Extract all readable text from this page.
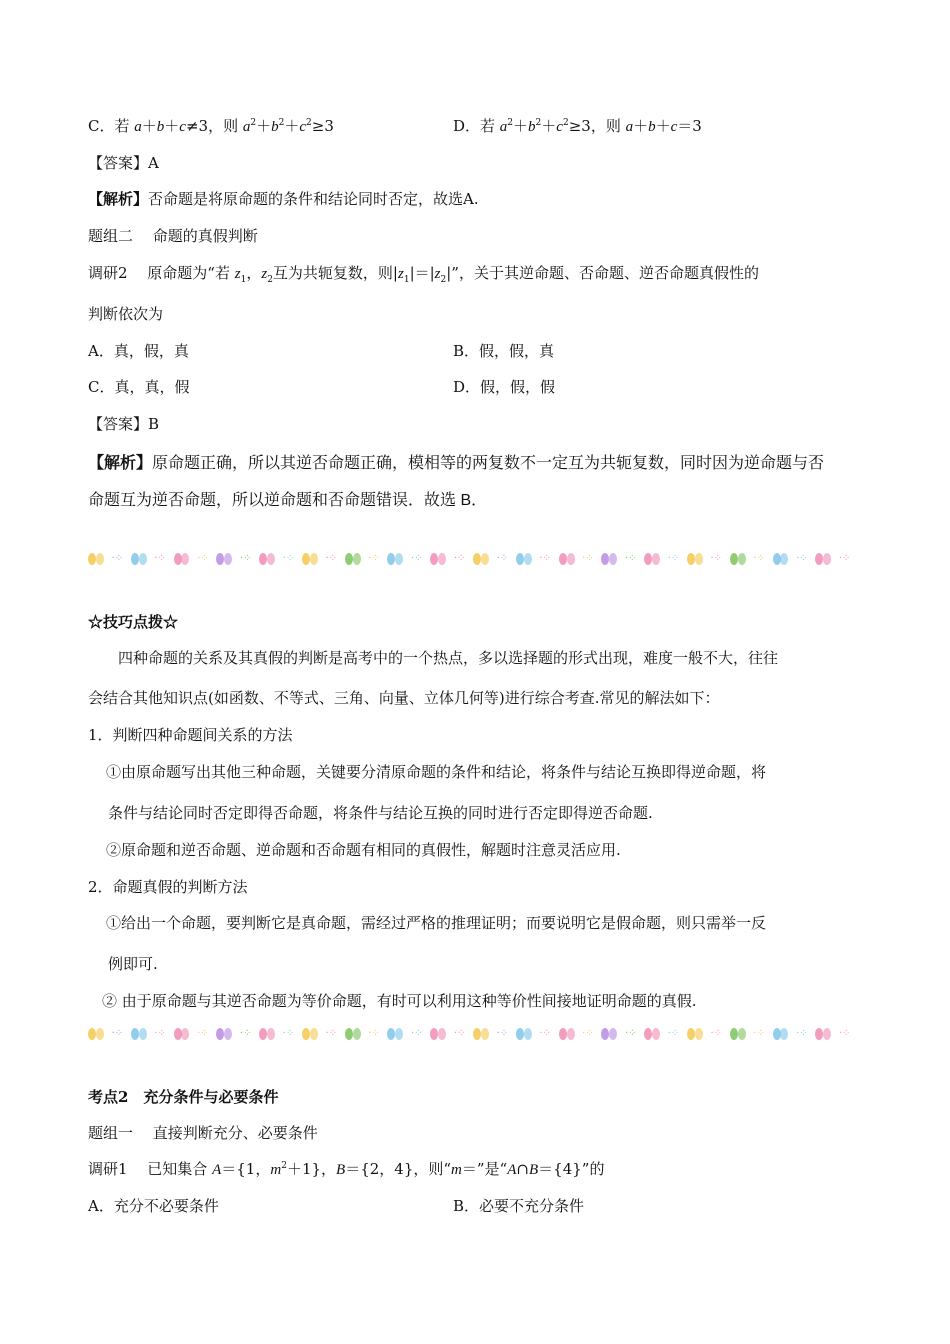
C．若 a＋b＋c≠3，则 $a^2+b^2+c^2\ge 3$	D．若 $a^2+b^2+c^2\ge 3$，则 a＋b＋c＝3
【答案】A
【解析】否命题是将原命题的条件和结论同时否定，故选A.
题组二　 命题的真假判断
调研2　 原命题为“若 $z_1$，$z_2$互为共轭复数，则$|z_1|=|z_2|$”，关于其逆命题、否命题、逆否命题真假性的
判断依次为
A．真，假，真	B．假，假，真
C．真，真，假	D．假，假，假
【答案】B
【解析】原命题正确，所以其逆否命题正确，模相等的两复数不一定互为共轭复数，同时因为逆命题与否
命题互为逆否命题，所以逆命题和否命题错误．故选 B．
·⁘	·⁘	·⁘	·⁘	·⁘	·⁘	·⁘	·⁘	·⁘	·⁘	·⁘	·⁘	·⁘	·⁘	·⁘	·⁘	·⁘	·⁘
☆技巧点拨☆
四种命题的关系及其真假的判断是高考中的一个热点，多以选择题的形式出现，难度一般不大，往往
会结合其他知识点(如函数、不等式、三角、向量、立体几何等)进行综合考查.常见的解法如下：
1．判断四种命题间关系的方法
①由原命题写出其他三种命题，关键要分清原命题的条件和结论，将条件与结论互换即得逆命题，将
条件与结论同时否定即得否命题，将条件与结论互换的同时进行否定即得逆否命题.
②原命题和逆否命题、逆命题和否命题有相同的真假性，解题时注意灵活应用.
2．命题真假的判断方法
①给出一个命题，要判断它是真命题，需经过严格的推理证明；而要说明它是假命题，则只需举一反
例即可.
② 由于原命题与其逆否命题为等价命题，有时可以利用这种等价性间接地证明命题的真假.
·⁘	·⁘	·⁘	·⁘	·⁘	·⁘	·⁘	·⁘	·⁘	·⁘	·⁘	·⁘	·⁘	·⁘	·⁘	·⁘	·⁘	·⁘
考点2　充分条件与必要条件
题组一　 直接判断充分、必要条件
调研1　 已知集合 A＝{1，$m^2+1$}，B＝{2，4}，则“m＝”是“A∩B＝{4}”的
A．充分不必要条件	B．必要不充分条件
